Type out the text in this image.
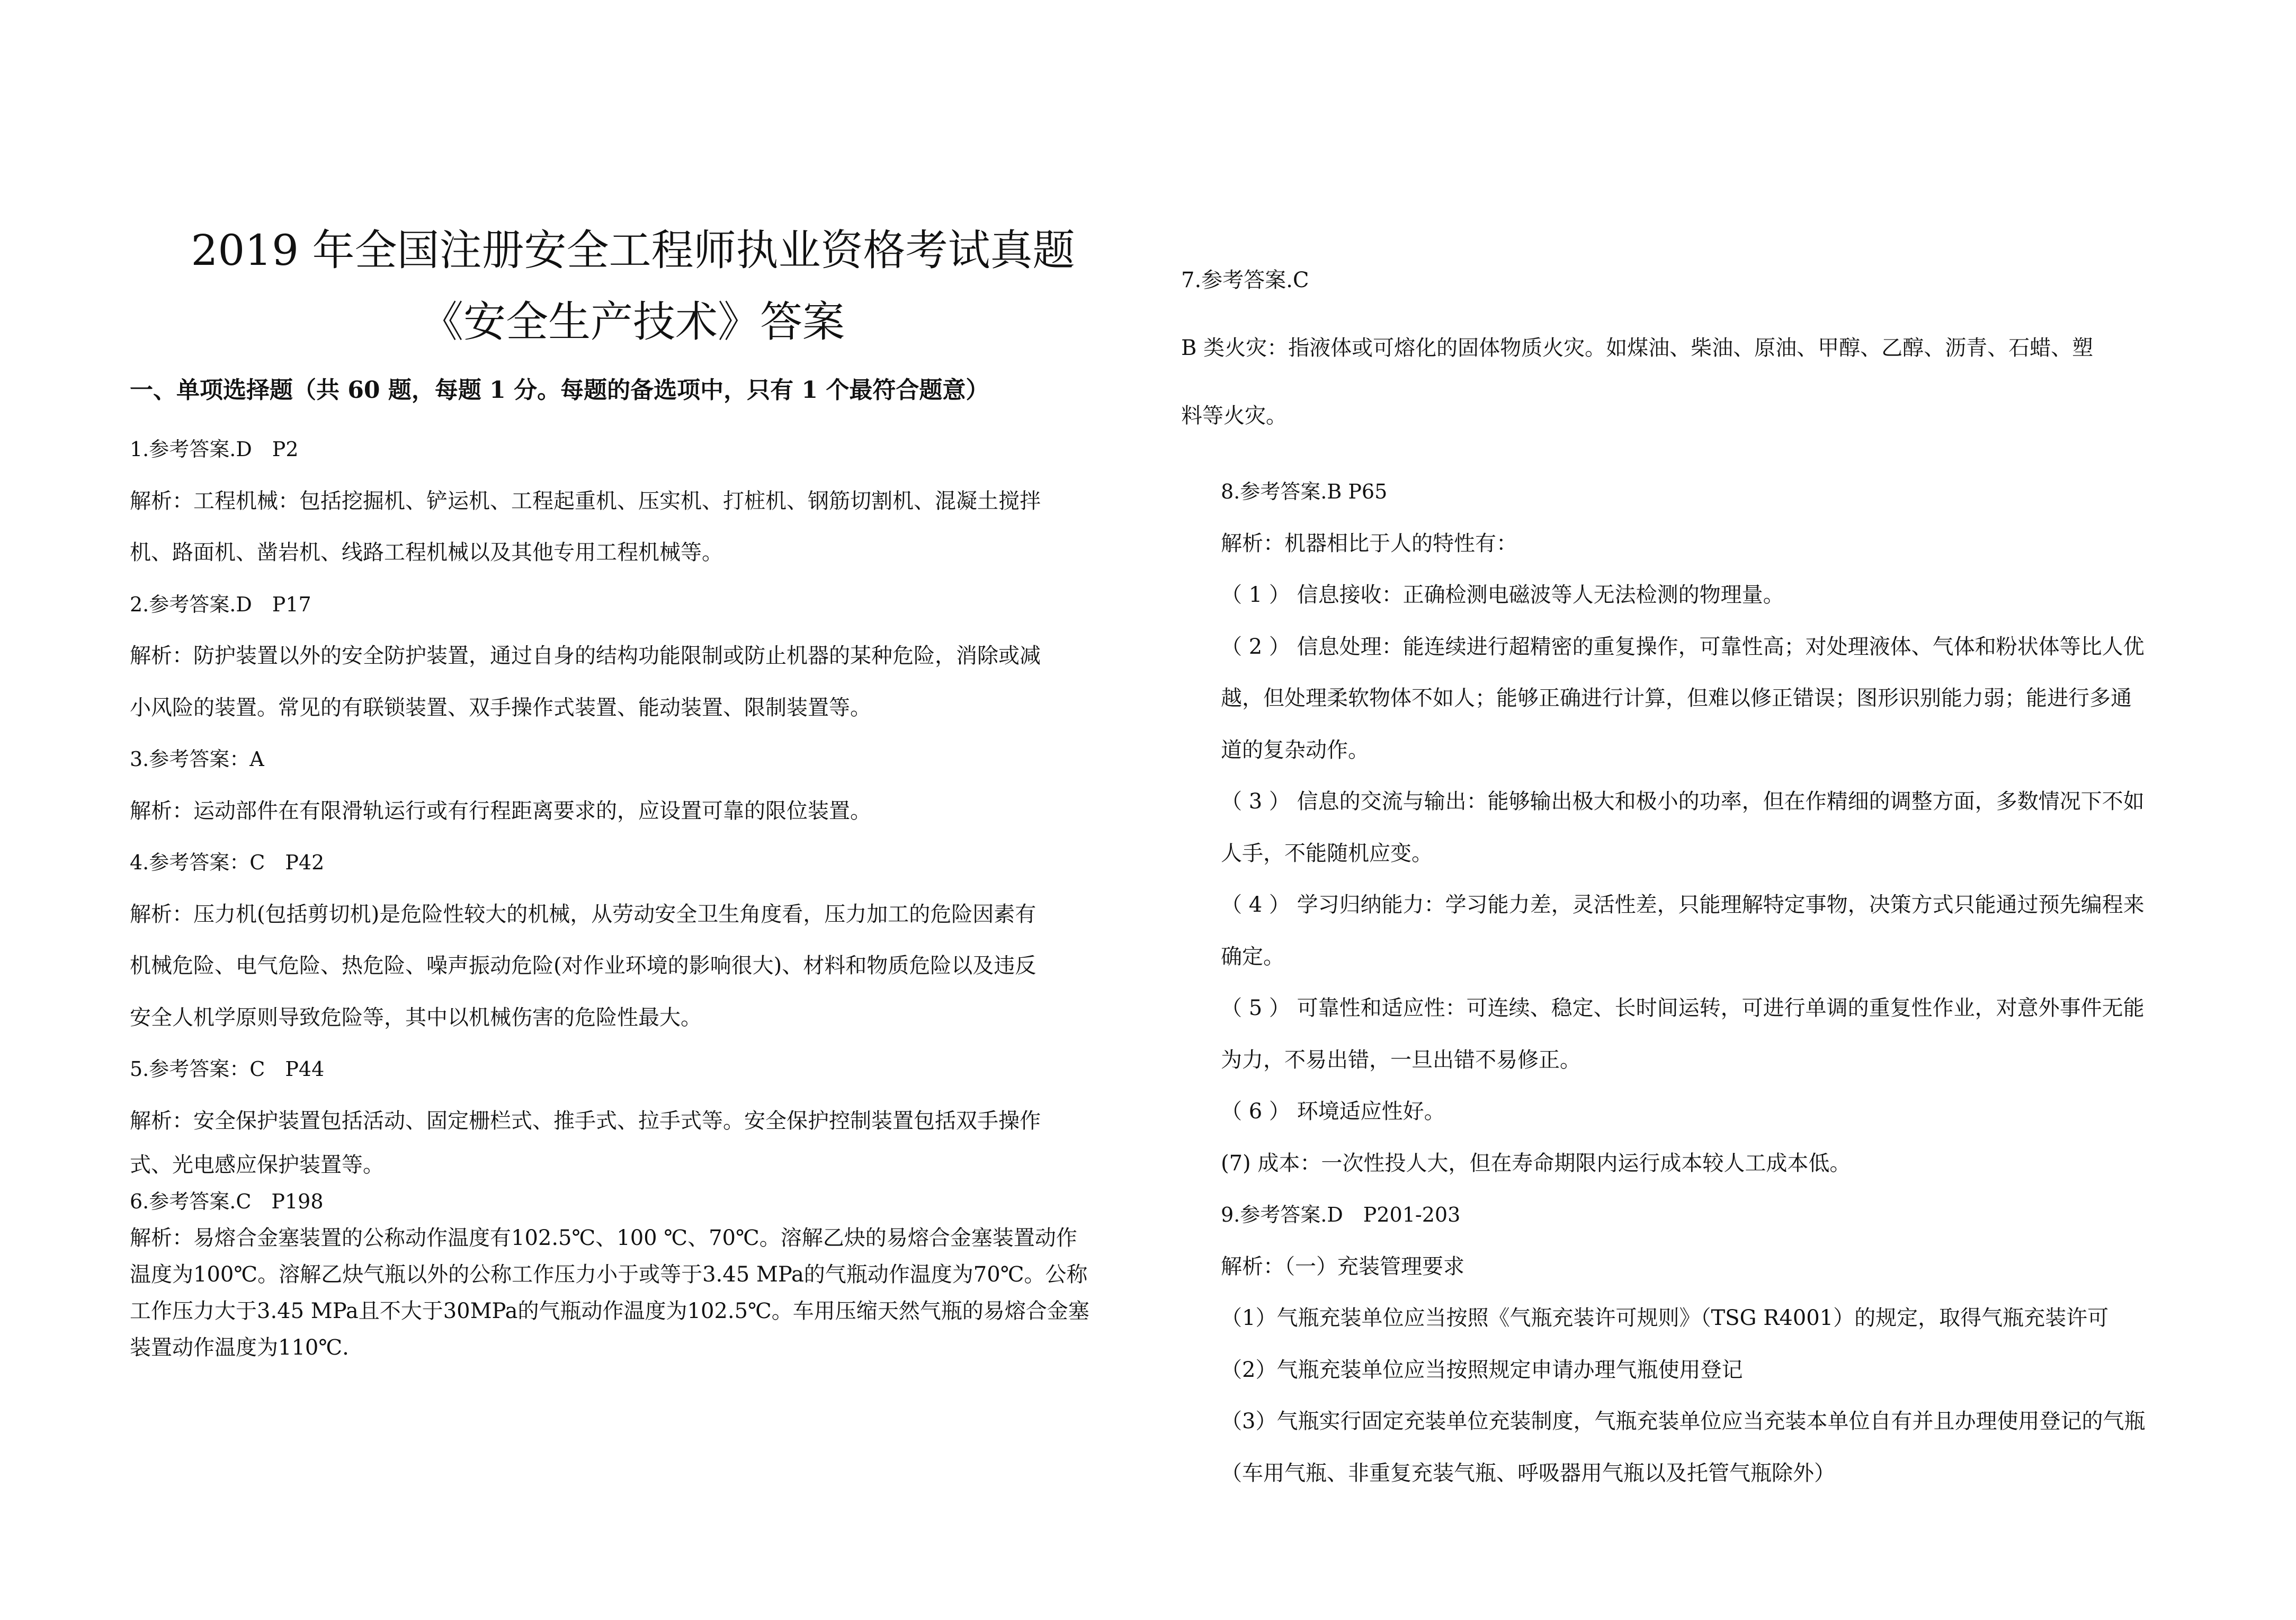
2019 年全国注册安全工程师执业资格考试真题
《安全生产技术》答案
一、单项选择题（共 60 题，每题 1 分。每题的备选项中，只有 1 个最符合题意）

1.参考答案.D　P2

解析：工程机械：包括挖掘机、铲运机、工程起重机、压实机、打桩机、钢筋切割机、混凝土搅拌

机、路面机、凿岩机、线路工程机械以及其他专用工程机械等。

2.参考答案.D　P17

解析：防护装置以外的安全防护装置，通过自身的结构功能限制或防止机器的某种危险，消除或减

小风险的装置。常见的有联锁装置、双手操作式装置、能动装置、限制装置等。

3.参考答案：A

解析：运动部件在有限滑轨运行或有行程距离要求的，应设置可靠的限位装置。

4.参考答案：C　P42

解析：压力机(包括剪切机)是危险性较大的机械，从劳动安全卫生角度看，压力加工的危险因素有

机械危险、电气危险、热危险、噪声振动危险(对作业环境的影响很大)、材料和物质危险以及违反

安全人机学原则导致危险等，其中以机械伤害的危险性最大。

5.参考答案：C　P44

解析：安全保护装置包括活动、固定栅栏式、推手式、拉手式等。安全保护控制装置包括双手操作

式、光电感应保护装置等。

6.参考答案.C　P198

解析：易熔合金塞装置的公称动作温度有102.5℃、100 ℃、70℃。溶解乙炔的易熔合金塞装置动作

温度为100℃。溶解乙炔气瓶以外的公称工作压力小于或等于3.45 MPa的气瓶动作温度为70℃。公称

工作压力大于3.45 MPa且不大于30MPa的气瓶动作温度为102.5℃。车用压缩天然气瓶的易熔合金塞

装置动作温度为110℃.

7.参考答案.C

B 类火灾：指液体或可熔化的固体物质火灾。如煤油、柴油、原油、甲醇、乙醇、沥青、石蜡、塑

料等火灾。

8.参考答案.B P65

解析：机器相比于人的特性有：

（ 1 ） 信息接收：正确检测电磁波等人无法检测的物理量。

（ 2 ） 信息处理：能连续进行超精密的重复操作，可靠性高；对处理液体、气体和粉状体等比人优

越，但处理柔软物体不如人；能够正确进行计算，但难以修正错误；图形识别能力弱；能进行多通

道的复杂动作。

（ 3 ） 信息的交流与输出：能够输出极大和极小的功率，但在作精细的调整方面，多数情况下不如

人手，不能随机应变。

（ 4 ） 学习归纳能力：学习能力差，灵活性差，只能理解特定事物，决策方式只能通过预先编程来

确定。

（ 5 ） 可靠性和适应性：可连续、稳定、长时间运转，可进行单调的重复性作业，对意外事件无能

为力，不易出错，一旦出错不易修正。

（ 6 ） 环境适应性好。

(7) 成本：一次性投人大，但在寿命期限内运行成本较人工成本低。

9.参考答案.D　P201-203

解析：（一）充装管理要求

（1）气瓶充装单位应当按照《气瓶充装许可规则》（TSG R4001）的规定，取得气瓶充装许可

（2）气瓶充装单位应当按照规定申请办理气瓶使用登记

（3）气瓶实行固定充装单位充装制度，气瓶充装单位应当充装本单位自有并且办理使用登记的气瓶

（车用气瓶、非重复充装气瓶、呼吸器用气瓶以及托管气瓶除外）
